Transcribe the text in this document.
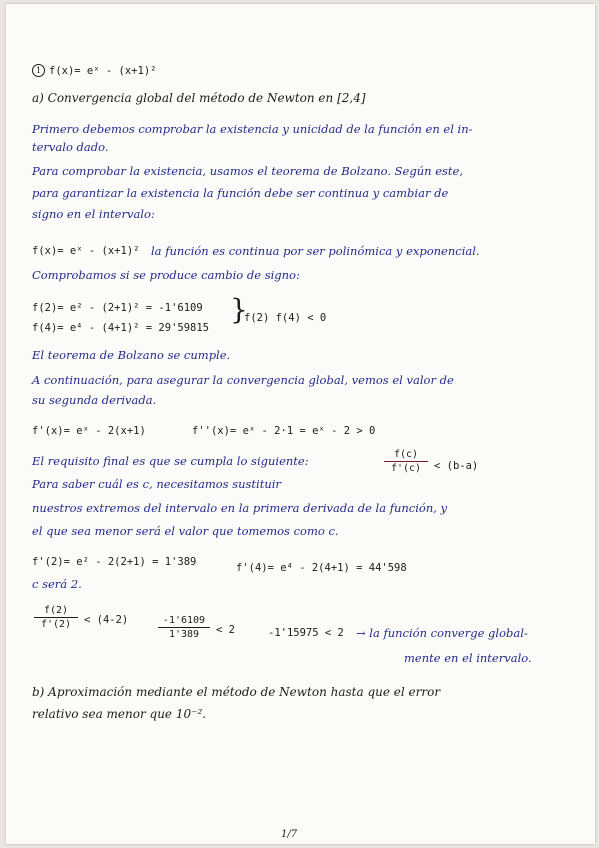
1 f(x)= eˣ - (x+1)²
a) Convergencia global del método de Newton en [2,4]
Primero debemos comprobar la existencia y unicidad de la función en el in-
tervalo dado.
Para comprobar la existencia, usamos el teorema de Bolzano. Según este,
para garantizar la existencia la función debe ser continua y cambiar de
signo en el intervalo:
f(x)= eˣ - (x+1)² la función es continua por ser polinómica y exponencial.
Comprobamos si se produce cambio de signo:
f(2)= e² - (2+1)² = -1'6109
f(4)= e⁴ - (4+1)² = 29'59815
}
f(2) f(4) < 0
El teorema de Bolzano se cumple.
A continuación, para asegurar la convergencia global, vemos el valor de
su segunda derivada.
f'(x)= eˣ - 2(x+1)	f''(x)= eˣ - 2·1 = eˣ - 2 > 0
El requisito final es que se cumpla lo siguiente:	$\frac{f(c)}{f'(c)} < (b-a)$
Para saber cuál es c, necesitamos sustituir
nuestros extremos del intervalo en la primera derivada de la función, y
el que sea menor será el valor que tomemos como c.
f'(2)= e² - 2(2+1) = 1'389	f'(4)= e⁴ - 2(4+1) = 44'598
c será 2.
$\frac{f(2)}{f'(2)} < (4-2)$	$\frac{-1'6109}{1'389} < 2$	-1'15975 < 2 → la función converge global-
mente en el intervalo.
b) Aproximación mediante el método de Newton hasta que el error
relativo sea menor que 10⁻².
1/7
